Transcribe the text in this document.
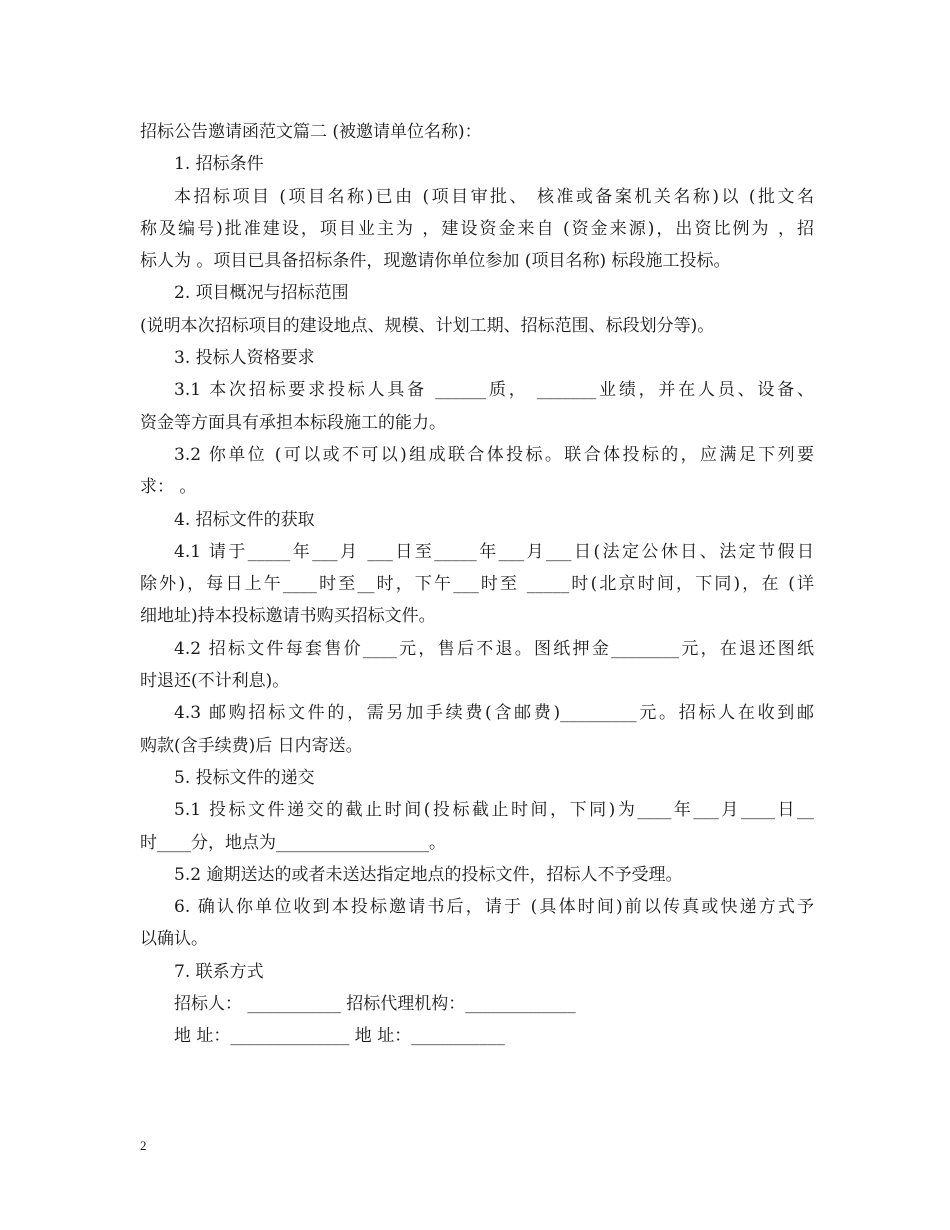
招标公告邀请函范文篇二 (被邀请单位名称)：
1. 招标条件
本招标项目 (项目名称)已由 (项目审批、 核准或备案机关名称)以 (批文名
称及编号)批准建设，项目业主为 ，建设资金来自 (资金来源)，出资比例为 ，招
标人为 。项目已具备招标条件，现邀请你单位参加 (项目名称) 标段施工投标。
2. 项目概况与招标范围
(说明本次招标项目的建设地点、规模、计划工期、招标范围、标段划分等)。
3. 投标人资格要求
3.1 本次招标要求投标人具备 ______质， _______业绩，并在人员、设备、
资金等方面具有承担本标段施工的能力。
3.2 你单位 (可以或不可以)组成联合体投标。联合体投标的，应满足下列要
求： 。
4. 招标文件的获取
4.1 请于_____年___月 ___日至_____年___月___日(法定公休日、法定节假日
除外)，每日上午____时至__时，下午___时至 _____时(北京时间，下同)，在 (详
细地址)持本投标邀请书购买招标文件。
4.2 招标文件每套售价____元，售后不退。图纸押金________元，在退还图纸
时退还(不计利息)。
4.3 邮购招标文件的，需另加手续费(含邮费)_________元。招标人在收到邮
购款(含手续费)后 日内寄送。
5. 投标文件的递交
5.1 投标文件递交的截止时间(投标截止时间，下同)为____年___月____日__
时____分，地点为__________________。
5.2 逾期送达的或者未送达指定地点的投标文件，招标人不予受理。
6. 确认你单位收到本投标邀请书后，请于 (具体时间)前以传真或快递方式予
以确认。
7. 联系方式
招标人： ___________ 招标代理机构：_____________
地 址：______________ 地 址：___________
2
